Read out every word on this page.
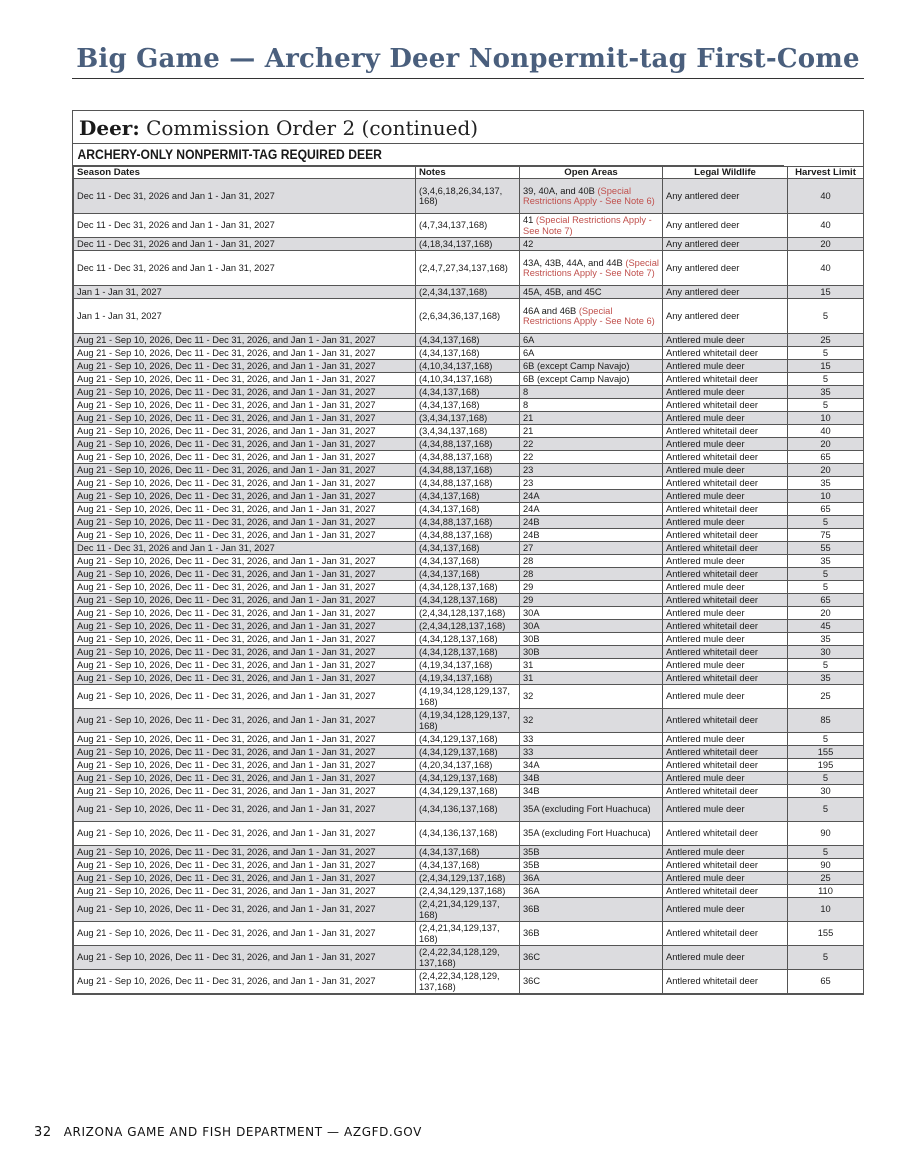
Big Game — Archery Deer Nonpermit-tag First-Come
Deer: Commission Order 2 (continued)
ARCHERY-ONLY NONPERMIT-TAG REQUIRED DEER
Season Dates	Notes	Open Areas	Legal Wildlife	Harvest Limit
Dec 11 - Dec 31, 2026 and Jan 1 - Jan 31, 2027	(3,4,6,18,26,34,137, 168)	39, 40A, and 40B (Special Restrictions Apply - See Note 6)	Any antlered deer	40
Dec 11 - Dec 31, 2026 and Jan 1 - Jan 31, 2027	(4,7,34,137,168)	41 (Special Restrictions Apply - See Note 7)	Any antlered deer	40
Dec 11 - Dec 31, 2026 and Jan 1 - Jan 31, 2027	(4,18,34,137,168)	42	Any antlered deer	20
Dec 11 - Dec 31, 2026 and Jan 1 - Jan 31, 2027	(2,4,7,27,34,137,168)	43A, 43B, 44A, and 44B (Special Restrictions Apply - See Note 7)	Any antlered deer	40
Jan 1 - Jan 31, 2027	(2,4,34,137,168)	45A, 45B, and 45C	Any antlered deer	15
Jan 1 - Jan 31, 2027	(2,6,34,36,137,168)	46A and 46B (Special Restrictions Apply - See Note 6)	Any antlered deer	5
Aug 21 - Sep 10, 2026, Dec 11 - Dec 31, 2026, and Jan 1 - Jan 31, 2027	(4,34,137,168)	6A	Antlered mule deer	25
Aug 21 - Sep 10, 2026, Dec 11 - Dec 31, 2026, and Jan 1 - Jan 31, 2027	(4,34,137,168)	6A	Antlered whitetail deer	5
Aug 21 - Sep 10, 2026, Dec 11 - Dec 31, 2026, and Jan 1 - Jan 31, 2027	(4,10,34,137,168)	6B (except Camp Navajo)	Antlered mule deer	15
Aug 21 - Sep 10, 2026, Dec 11 - Dec 31, 2026, and Jan 1 - Jan 31, 2027	(4,10,34,137,168)	6B (except Camp Navajo)	Antlered whitetail deer	5
Aug 21 - Sep 10, 2026, Dec 11 - Dec 31, 2026, and Jan 1 - Jan 31, 2027	(4,34,137,168)	8	Antlered mule deer	35
Aug 21 - Sep 10, 2026, Dec 11 - Dec 31, 2026, and Jan 1 - Jan 31, 2027	(4,34,137,168)	8	Antlered whitetail deer	5
Aug 21 - Sep 10, 2026, Dec 11 - Dec 31, 2026, and Jan 1 - Jan 31, 2027	(3,4,34,137,168)	21	Antlered mule deer	10
Aug 21 - Sep 10, 2026, Dec 11 - Dec 31, 2026, and Jan 1 - Jan 31, 2027	(3,4,34,137,168)	21	Antlered whitetail deer	40
Aug 21 - Sep 10, 2026, Dec 11 - Dec 31, 2026, and Jan 1 - Jan 31, 2027	(4,34,88,137,168)	22	Antlered mule deer	20
Aug 21 - Sep 10, 2026, Dec 11 - Dec 31, 2026, and Jan 1 - Jan 31, 2027	(4,34,88,137,168)	22	Antlered whitetail deer	65
Aug 21 - Sep 10, 2026, Dec 11 - Dec 31, 2026, and Jan 1 - Jan 31, 2027	(4,34,88,137,168)	23	Antlered mule deer	20
Aug 21 - Sep 10, 2026, Dec 11 - Dec 31, 2026, and Jan 1 - Jan 31, 2027	(4,34,88,137,168)	23	Antlered whitetail deer	35
Aug 21 - Sep 10, 2026, Dec 11 - Dec 31, 2026, and Jan 1 - Jan 31, 2027	(4,34,137,168)	24A	Antlered mule deer	10
Aug 21 - Sep 10, 2026, Dec 11 - Dec 31, 2026, and Jan 1 - Jan 31, 2027	(4,34,137,168)	24A	Antlered whitetail deer	65
Aug 21 - Sep 10, 2026, Dec 11 - Dec 31, 2026, and Jan 1 - Jan 31, 2027	(4,34,88,137,168)	24B	Antlered mule deer	5
Aug 21 - Sep 10, 2026, Dec 11 - Dec 31, 2026, and Jan 1 - Jan 31, 2027	(4,34,88,137,168)	24B	Antlered whitetail deer	75
Dec 11 - Dec 31, 2026 and Jan 1 - Jan 31, 2027	(4,34,137,168)	27	Antlered whitetail deer	55
Aug 21 - Sep 10, 2026, Dec 11 - Dec 31, 2026, and Jan 1 - Jan 31, 2027	(4,34,137,168)	28	Antlered mule deer	35
Aug 21 - Sep 10, 2026, Dec 11 - Dec 31, 2026, and Jan 1 - Jan 31, 2027	(4,34,137,168)	28	Antlered whitetail deer	5
Aug 21 - Sep 10, 2026, Dec 11 - Dec 31, 2026, and Jan 1 - Jan 31, 2027	(4,34,128,137,168)	29	Antlered mule deer	5
Aug 21 - Sep 10, 2026, Dec 11 - Dec 31, 2026, and Jan 1 - Jan 31, 2027	(4,34,128,137,168)	29	Antlered whitetail deer	65
Aug 21 - Sep 10, 2026, Dec 11 - Dec 31, 2026, and Jan 1 - Jan 31, 2027	(2,4,34,128,137,168)	30A	Antlered mule deer	20
Aug 21 - Sep 10, 2026, Dec 11 - Dec 31, 2026, and Jan 1 - Jan 31, 2027	(2,4,34,128,137,168)	30A	Antlered whitetail deer	45
Aug 21 - Sep 10, 2026, Dec 11 - Dec 31, 2026, and Jan 1 - Jan 31, 2027	(4,34,128,137,168)	30B	Antlered mule deer	35
Aug 21 - Sep 10, 2026, Dec 11 - Dec 31, 2026, and Jan 1 - Jan 31, 2027	(4,34,128,137,168)	30B	Antlered whitetail deer	30
Aug 21 - Sep 10, 2026, Dec 11 - Dec 31, 2026, and Jan 1 - Jan 31, 2027	(4,19,34,137,168)	31	Antlered mule deer	5
Aug 21 - Sep 10, 2026, Dec 11 - Dec 31, 2026, and Jan 1 - Jan 31, 2027	(4,19,34,137,168)	31	Antlered whitetail deer	35
Aug 21 - Sep 10, 2026, Dec 11 - Dec 31, 2026, and Jan 1 - Jan 31, 2027	(4,19,34,128,129,137, 168)	32	Antlered mule deer	25
Aug 21 - Sep 10, 2026, Dec 11 - Dec 31, 2026, and Jan 1 - Jan 31, 2027	(4,19,34,128,129,137, 168)	32	Antlered whitetail deer	85
Aug 21 - Sep 10, 2026, Dec 11 - Dec 31, 2026, and Jan 1 - Jan 31, 2027	(4,34,129,137,168)	33	Antlered mule deer	5
Aug 21 - Sep 10, 2026, Dec 11 - Dec 31, 2026, and Jan 1 - Jan 31, 2027	(4,34,129,137,168)	33	Antlered whitetail deer	155
Aug 21 - Sep 10, 2026, Dec 11 - Dec 31, 2026, and Jan 1 - Jan 31, 2027	(4,20,34,137,168)	34A	Antlered whitetail deer	195
Aug 21 - Sep 10, 2026, Dec 11 - Dec 31, 2026, and Jan 1 - Jan 31, 2027	(4,34,129,137,168)	34B	Antlered mule deer	5
Aug 21 - Sep 10, 2026, Dec 11 - Dec 31, 2026, and Jan 1 - Jan 31, 2027	(4,34,129,137,168)	34B	Antlered whitetail deer	30
Aug 21 - Sep 10, 2026, Dec 11 - Dec 31, 2026, and Jan 1 - Jan 31, 2027	(4,34,136,137,168)	35A (excluding Fort Huachuca)	Antlered mule deer	5
Aug 21 - Sep 10, 2026, Dec 11 - Dec 31, 2026, and Jan 1 - Jan 31, 2027	(4,34,136,137,168)	35A (excluding Fort Huachuca)	Antlered whitetail deer	90
Aug 21 - Sep 10, 2026, Dec 11 - Dec 31, 2026, and Jan 1 - Jan 31, 2027	(4,34,137,168)	35B	Antlered mule deer	5
Aug 21 - Sep 10, 2026, Dec 11 - Dec 31, 2026, and Jan 1 - Jan 31, 2027	(4,34,137,168)	35B	Antlered whitetail deer	90
Aug 21 - Sep 10, 2026, Dec 11 - Dec 31, 2026, and Jan 1 - Jan 31, 2027	(2,4,34,129,137,168)	36A	Antlered mule deer	25
Aug 21 - Sep 10, 2026, Dec 11 - Dec 31, 2026, and Jan 1 - Jan 31, 2027	(2,4,34,129,137,168)	36A	Antlered whitetail deer	110
Aug 21 - Sep 10, 2026, Dec 11 - Dec 31, 2026, and Jan 1 - Jan 31, 2027	(2,4,21,34,129,137, 168)	36B	Antlered mule deer	10
Aug 21 - Sep 10, 2026, Dec 11 - Dec 31, 2026, and Jan 1 - Jan 31, 2027	(2,4,21,34,129,137, 168)	36B	Antlered whitetail deer	155
Aug 21 - Sep 10, 2026, Dec 11 - Dec 31, 2026, and Jan 1 - Jan 31, 2027	(2,4,22,34,128,129, 137,168)	36C	Antlered mule deer	5
Aug 21 - Sep 10, 2026, Dec 11 - Dec 31, 2026, and Jan 1 - Jan 31, 2027	(2,4,22,34,128,129, 137,168)	36C	Antlered whitetail deer	65
32 ARIZONA GAME AND FISH DEPARTMENT — AZGFD.GOV
